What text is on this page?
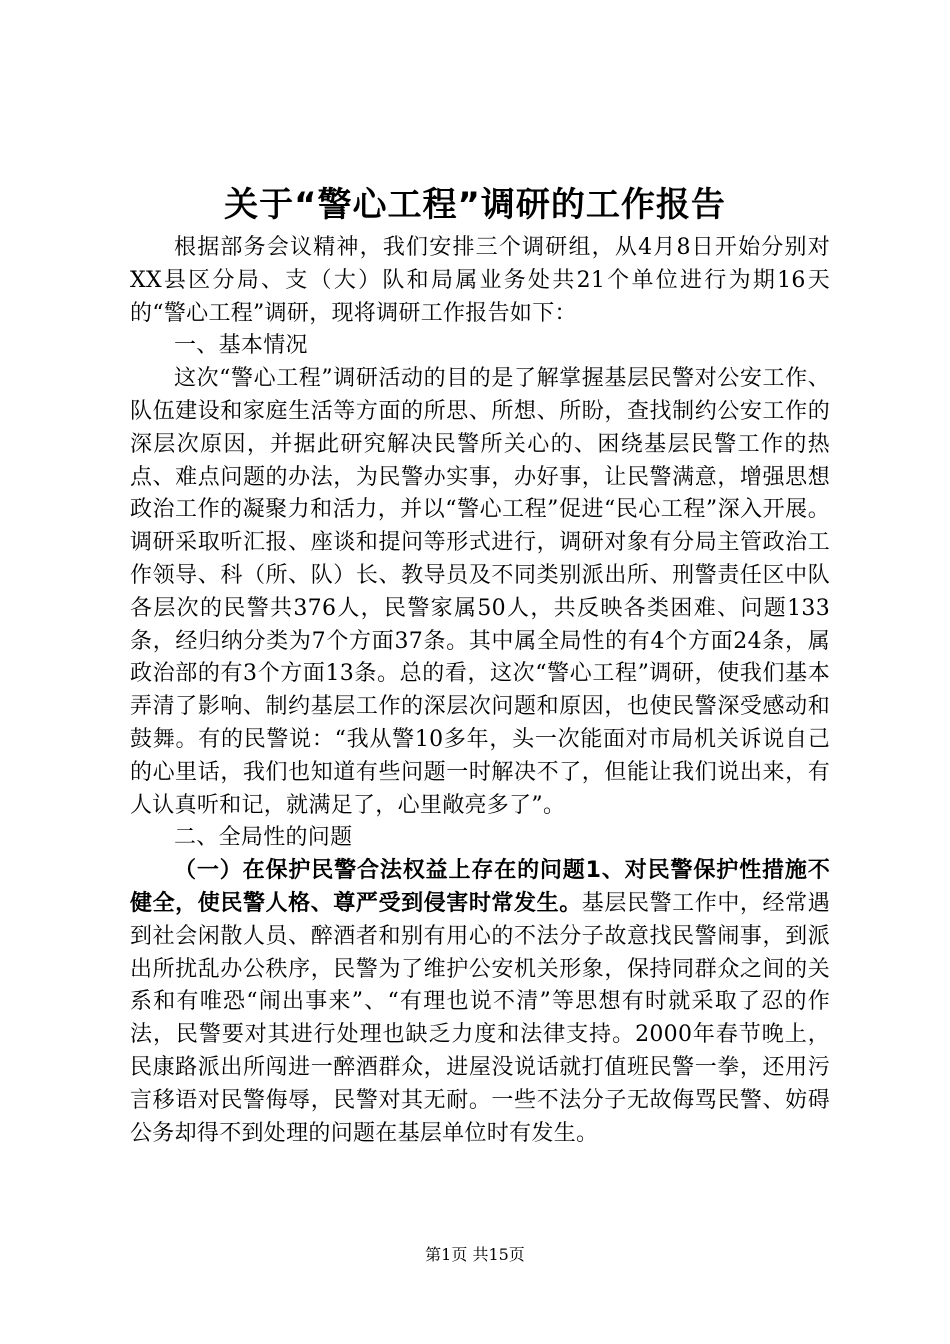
关于“警心工程”调研的工作报告

根据部务会议精神，我们安排三个调研组，从4月8日开始分别对XX县区分局、支（大）队和局属业务处共21个单位进行为期16天的“警心工程”调研，现将调研工作报告如下：

一、基本情况

这次“警心工程”调研活动的目的是了解掌握基层民警对公安工作、队伍建设和家庭生活等方面的所思、所想、所盼，查找制约公安工作的深层次原因，并据此研究解决民警所关心的、困绕基层民警工作的热点、难点问题的办法，为民警办实事，办好事，让民警满意，增强思想政治工作的凝聚力和活力，并以“警心工程”促进“民心工程”深入开展。调研采取听汇报、座谈和提问等形式进行，调研对象有分局主管政治工作领导、科（所、队）长、教导员及不同类别派出所、刑警责任区中队各层次的民警共376人，民警家属50人，共反映各类困难、问题133条，经归纳分类为7个方面37条。其中属全局性的有4个方面24条，属政治部的有3个方面13条。总的看，这次“警心工程”调研，使我们基本弄清了影响、制约基层工作的深层次问题和原因，也使民警深受感动和鼓舞。有的民警说：“我从警10多年，头一次能面对市局机关诉说自己的心里话，我们也知道有些问题一时解决不了，但能让我们说出来，有人认真听和记，就满足了，心里敞亮多了”。

二、全局性的问题

（一）在保护民警合法权益上存在的问题1、对民警保护性措施不健全，使民警人格、尊严受到侵害时常发生。基层民警工作中，经常遇到社会闲散人员、醉酒者和别有用心的不法分子故意找民警闹事，到派出所扰乱办公秩序，民警为了维护公安机关形象，保持同群众之间的关系和有唯恐“闹出事来”、“有理也说不清”等思想有时就采取了忍的作法，民警要对其进行处理也缺乏力度和法律支持。2000年春节晚上，民康路派出所闯进一醉酒群众，进屋没说话就打值班民警一拳，还用污言移语对民警侮辱，民警对其无耐。一些不法分子无故侮骂民警、妨碍公务却得不到处理的问题在基层单位时有发生。

第1页 共15页
